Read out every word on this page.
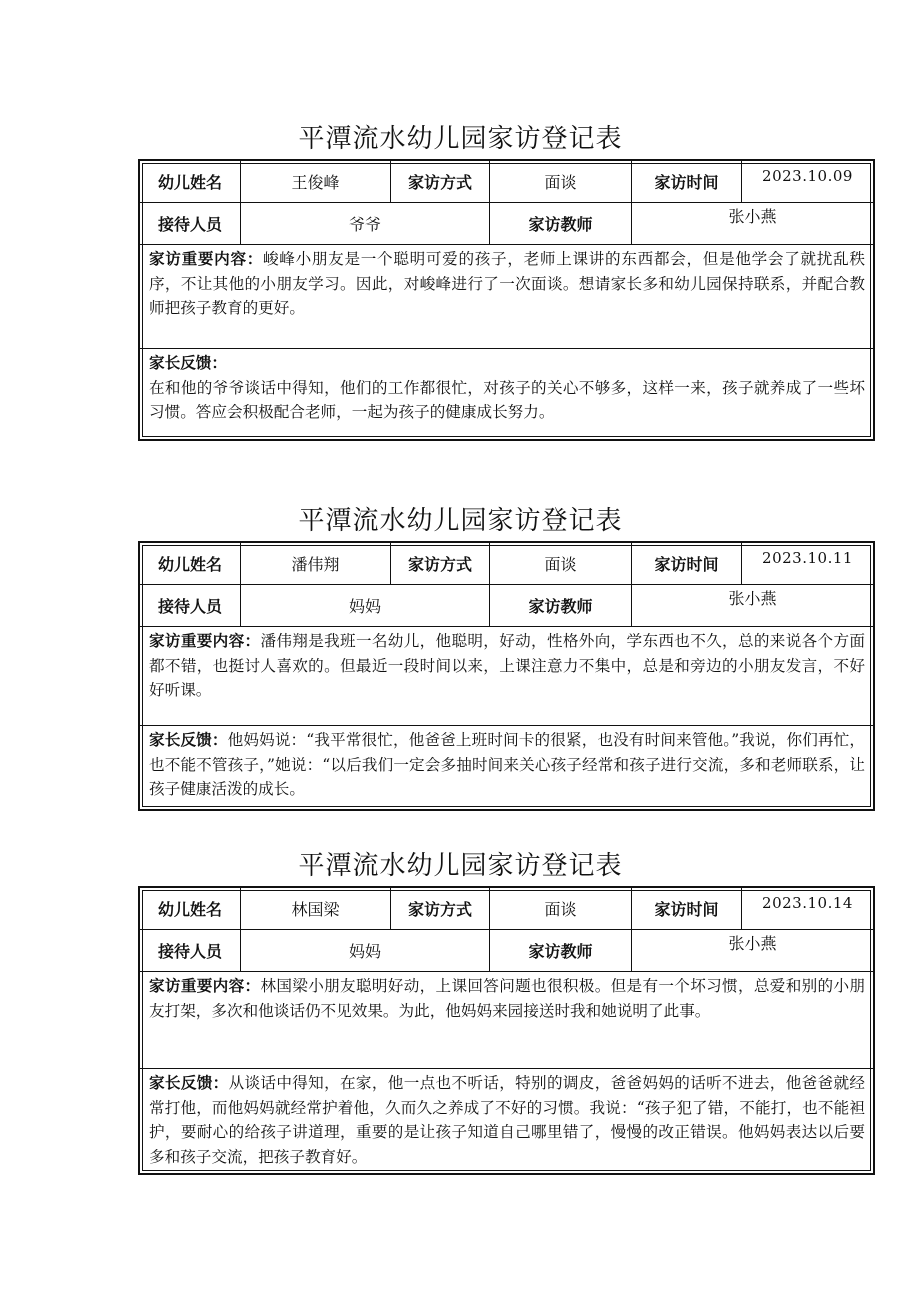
平潭流水幼儿园家访登记表
幼儿姓名	王俊峰	家访方式	面谈	家访时间	2023.10.09
接待人员	爷爷	家访教师	张小燕
家访重要内容：峻峰小朋友是一个聪明可爱的孩子，老师上课讲的东西都会，但是他学会了就扰乱秩序，不让其他的小朋友学习。因此，对峻峰进行了一次面谈。想请家长多和幼儿园保持联系，并配合教师把孩子教育的更好。
家长反馈：
在和他的爷爷谈话中得知，他们的工作都很忙，对孩子的关心不够多，这样一来，孩子就养成了一些坏习惯。答应会积极配合老师，一起为孩子的健康成长努力。
平潭流水幼儿园家访登记表
幼儿姓名	潘伟翔	家访方式	面谈	家访时间	2023.10.11
接待人员	妈妈	家访教师	张小燕
家访重要内容：潘伟翔是我班一名幼儿，他聪明，好动，性格外向，学东西也不久，总的来说各个方面都不错，也挺讨人喜欢的。但最近一段时间以来，上课注意力不集中，总是和旁边的小朋友发言，不好好听课。
家长反馈：他妈妈说：“我平常很忙，他爸爸上班时间卡的很紧，也没有时间来管他。”我说，你们再忙，也不能不管孩子，”她说：“以后我们一定会多抽时间来关心孩子经常和孩子进行交流，多和老师联系，让孩子健康活泼的成长。
平潭流水幼儿园家访登记表
幼儿姓名	林国梁	家访方式	面谈	家访时间	2023.10.14
接待人员	妈妈	家访教师	张小燕
家访重要内容：林国梁小朋友聪明好动，上课回答问题也很积极。但是有一个坏习惯，总爱和别的小朋友打架，多次和他谈话仍不见效果。为此，他妈妈来园接送时我和她说明了此事。
家长反馈：从谈话中得知，在家，他一点也不听话，特别的调皮，爸爸妈妈的话听不进去，他爸爸就经常打他，而他妈妈就经常护着他，久而久之养成了不好的习惯。我说：“孩子犯了错，不能打，也不能袒护，要耐心的给孩子讲道理，重要的是让孩子知道自己哪里错了，慢慢的改正错误。他妈妈表达以后要多和孩子交流，把孩子教育好。
